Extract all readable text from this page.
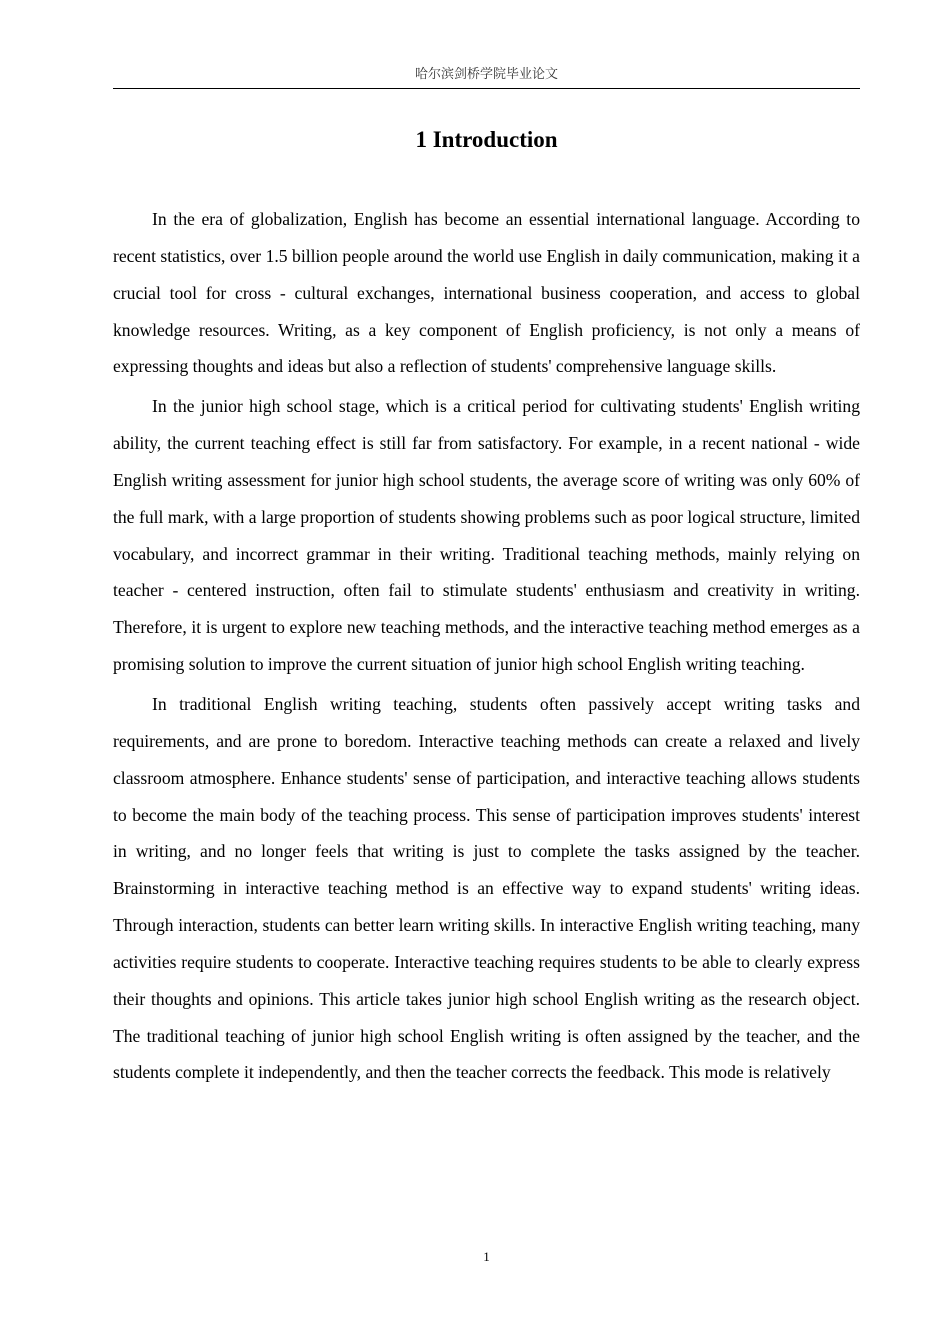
哈尔滨剑桥学院毕业论文
1 Introduction

In the era of globalization, English has become an essential international language. According to recent statistics, over 1.5 billion people around the world use English in daily communication, making it a crucial tool for cross - cultural exchanges, international business cooperation, and access to global knowledge resources. Writing, as a key component of English proficiency, is not only a means of expressing thoughts and ideas but also a reflection of students' comprehensive language skills.

In the junior high school stage, which is a critical period for cultivating students' English writing ability, the current teaching effect is still far from satisfactory. For example, in a recent national - wide English writing assessment for junior high school students, the average score of writing was only 60% of the full mark, with a large proportion of students showing problems such as poor logical structure, limited vocabulary, and incorrect grammar in their writing. Traditional teaching methods, mainly relying on teacher - centered instruction, often fail to stimulate students' enthusiasm and creativity in writing. Therefore, it is urgent to explore new teaching methods, and the interactive teaching method emerges as a promising solution to improve the current situation of junior high school English writing teaching.

In traditional English writing teaching, students often passively accept writing tasks and requirements, and are prone to boredom. Interactive teaching methods can create a relaxed and lively classroom atmosphere. Enhance students' sense of participation, and interactive teaching allows students to become the main body of the teaching process. This sense of participation improves students' interest in writing, and no longer feels that writing is just to complete the tasks assigned by the teacher. Brainstorming in interactive teaching method is an effective way to expand students' writing ideas. Through interaction, students can better learn writing skills. In interactive English writing teaching, many activities require students to cooperate. Interactive teaching requires students to be able to clearly express their thoughts and opinions. This article takes junior high school English writing as the research object. The traditional teaching of junior high school English writing is often assigned by the teacher, and the students complete it independently, and then the teacher corrects the feedback. This mode is relatively

1
